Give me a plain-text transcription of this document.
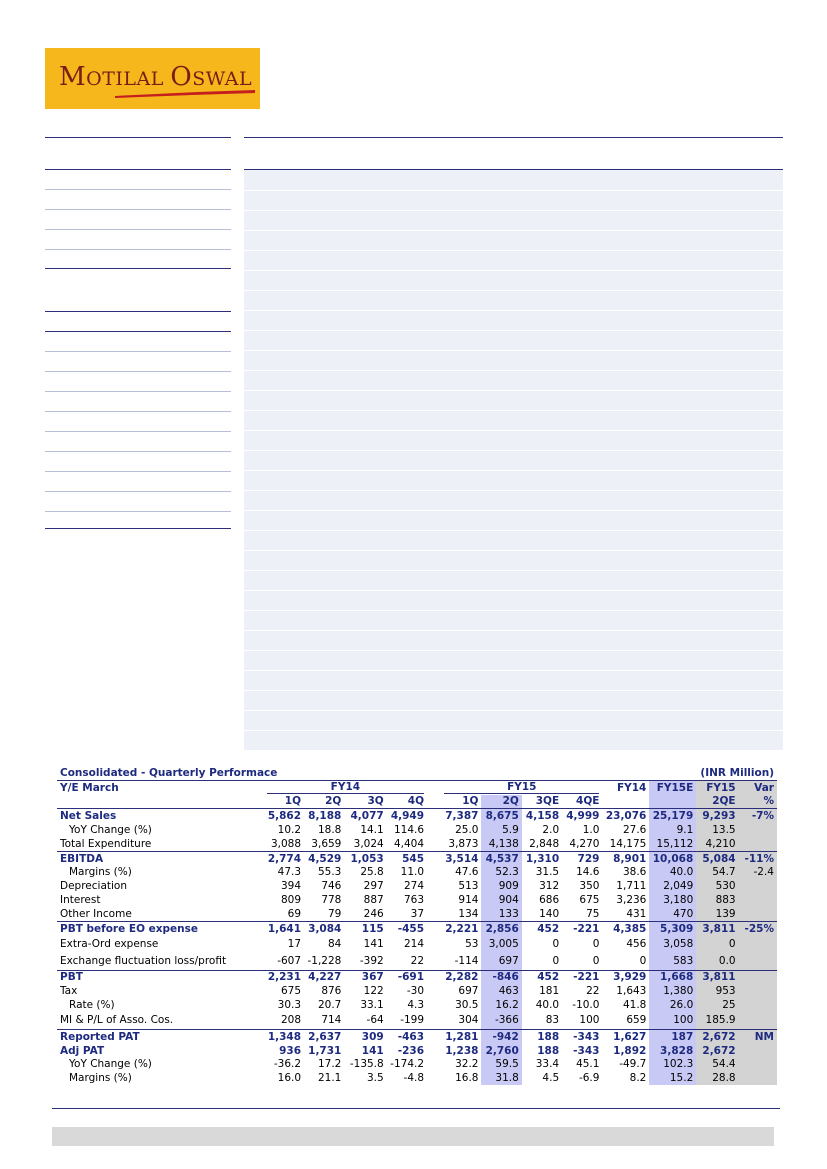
MOTILAL OSWAL
Consolidated - Quarterly Performace										(INR Million)			
Y/E March	FY14					FY15				FY14	FY15E	FY15	Var
	1Q	2Q	3Q	4Q		1Q	2Q	3QE	4QE			2QE	%
Net Sales	5,862	8,188	4,077	4,949		7,387	8,675	4,158	4,999	23,076	25,179	9,293	-7%
YoY Change (%)	10.2	18.8	14.1	114.6		25.0	5.9	2.0	1.0	27.6	9.1	13.5	
Total Expenditure	3,088	3,659	3,024	4,404		3,873	4,138	2,848	4,270	14,175	15,112	4,210	
EBITDA	2,774	4,529	1,053	545		3,514	4,537	1,310	729	8,901	10,068	5,084	-11%
Margins (%)	47.3	55.3	25.8	11.0		47.6	52.3	31.5	14.6	38.6	40.0	54.7	-2.4
Depreciation	394	746	297	274		513	909	312	350	1,711	2,049	530	
Interest	809	778	887	763		914	904	686	675	3,236	3,180	883	
Other Income	69	79	246	37		134	133	140	75	431	470	139	
PBT before EO expense	1,641	3,084	115	-455		2,221	2,856	452	-221	4,385	5,309	3,811	-25%
Extra-Ord expense	17	84	141	214		53	3,005	0	0	456	3,058	0	
Exchange fluctuation loss/profit	-607	-1,228	-392	22		-114	697	0	0	0	583	0.0	
PBT	2,231	4,227	367	-691		2,282	-846	452	-221	3,929	1,668	3,811	
Tax	675	876	122	-30		697	463	181	22	1,643	1,380	953	
Rate (%)	30.3	20.7	33.1	4.3		30.5	16.2	40.0	-10.0	41.8	26.0	25	
MI & P/L of Asso. Cos.	208	714	-64	-199		304	-366	83	100	659	100	185.9	
Reported PAT	1,348	2,637	309	-463		1,281	-942	188	-343	1,627	187	2,672	NM
Adj PAT	936	1,731	141	-236		1,238	2,760	188	-343	1,892	3,828	2,672	
YoY Change (%)	-36.2	17.2	-135.8	-174.2		32.2	59.5	33.4	45.1	-49.7	102.3	54.4	
Margins (%)	16.0	21.1	3.5	-4.8		16.8	31.8	4.5	-6.9	8.2	15.2	28.8	
